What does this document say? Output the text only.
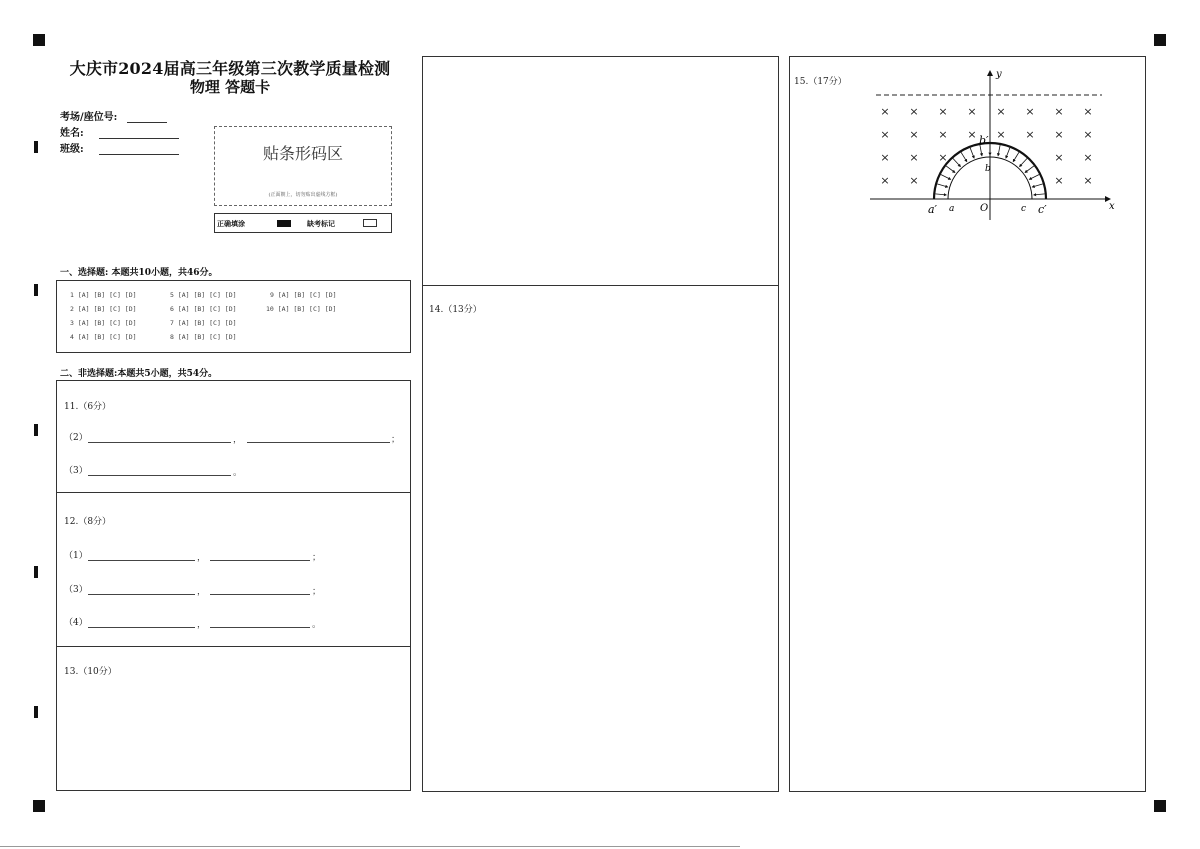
大庆市2024届高三年级第三次教学质量检测
物理 答题卡
考场/座位号:
姓名:
班级:	贴条形码区
(正面朝上，切勿贴出虚线方框)
正确填涂	缺考标记
一、选择题: 本题共10小题，共46分。
1 [A] [B] [C] [D]	5 [A] [B] [C] [D]	9 [A] [B] [C] [D]
2 [A] [B] [C] [D]	6 [A] [B] [C] [D]	10 [A] [B] [C] [D]
3 [A] [B] [C] [D]	7 [A] [B] [C] [D]
4 [A] [B] [C] [D]	8 [A] [B] [C] [D]
二、非选择题:本题共5小题，共54分。
11.（6分）
（2）	，	；
（3）	。
12.（8分）
（1）	，	；
（3）	，	；
（4）	，	。
13.（10分）
14.（13分）
15.（17分）
× × × × × × × ×
× × × × × × × ×
× × ×	× ×
× ×	× ×
a′ a	O	c c′
b
b′
x
y
